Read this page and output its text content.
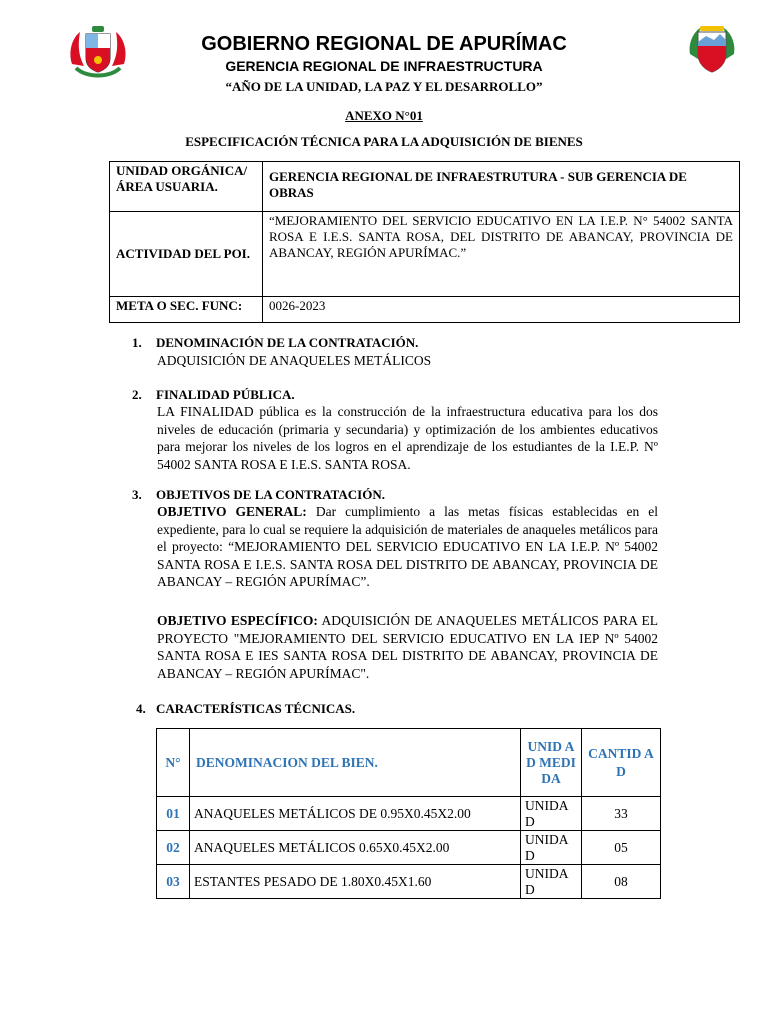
GOBIERNO REGIONAL DE APURÍMAC
GERENCIA REGIONAL DE INFRAESTRUCTURA
“AÑO DE LA UNIDAD, LA PAZ Y EL DESARROLLO”
ANEXO N°01
ESPECIFICACIÓN TÉCNICA PARA LA ADQUISICIÓN DE BIENES
UNIDAD ORGÁNICA/ÁREA USUARIA.	GERENCIA REGIONAL DE INFRAESTRUTURA - SUB GERENCIA DE OBRAS
ACTIVIDAD DEL POI.	“MEJORAMIENTO DEL SERVICIO EDUCATIVO EN LA I.E.P. N° 54002 SANTA ROSA E I.E.S. SANTA ROSA, DEL DISTRITO DE ABANCAY, PROVINCIA DE ABANCAY, REGIÓN APURÍMAC.”
META O SEC. FUNC:	0026-2023
1. DENOMINACIÓN DE LA CONTRATACIÓN.
ADQUISICIÓN DE ANAQUELES METÁLICOS
2. FINALIDAD PÚBLICA.
LA FINALIDAD pública es la construcción de la infraestructura educativa para los dos niveles de educación (primaria y secundaria) y optimización de los ambientes educativos para mejorar los niveles de los logros en el aprendizaje de los estudiantes de la I.E.P. Nº 54002 SANTA ROSA E I.E.S. SANTA ROSA.
3. OBJETIVOS DE LA CONTRATACIÓN.
OBJETIVO GENERAL: Dar cumplimiento a las metas físicas establecidas en el expediente, para lo cual se requiere la adquisición de materiales de anaqueles metálicos para el proyecto: “MEJORAMIENTO DEL SERVICIO EDUCATIVO EN LA I.E.P. Nº 54002 SANTA ROSA E I.E.S. SANTA ROSA DEL DISTRITO DE ABANCAY, PROVINCIA DE ABANCAY – REGIÓN APURÍMAC”.
OBJETIVO ESPECÍFICO: ADQUISICIÓN DE ANAQUELES METÁLICOS PARA EL PROYECTO "MEJORAMIENTO DEL SERVICIO EDUCATIVO EN LA IEP Nº 54002 SANTA ROSA E IES SANTA ROSA DEL DISTRITO DE ABANCAY, PROVINCIA DE ABANCAY – REGIÓN APURÍMAC".
4. CARACTERÍSTICAS TÉCNICAS.
N°	DENOMINACION DEL BIEN.	UNID AD MEDI DA	CANTID AD
01	ANAQUELES METÁLICOS DE 0.95X0.45X2.00	UNIDAD	33
02	ANAQUELES METÁLICOS 0.65X0.45X2.00	UNIDAD	05
03	ESTANTES PESADO DE 1.80X0.45X1.60	UNIDAD	08
